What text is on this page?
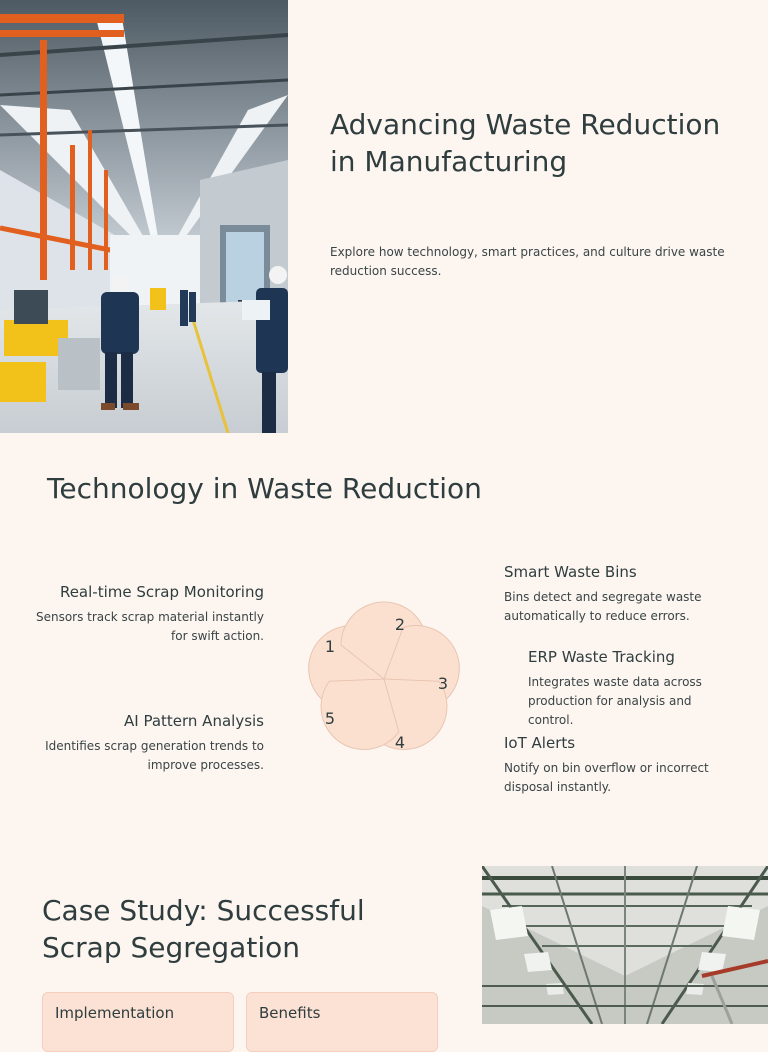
Advancing Waste Reduction in Manufacturing

Explore how technology, smart practices, and culture drive waste reduction success.

Technology in Waste Reduction
1
2
3
4
5
Real-time Scrap Monitoring
Sensors track scrap material instantly for swift action.
Smart Waste Bins
Bins detect and segregate waste automatically to reduce errors.
ERP Waste Tracking
Integrates waste data across production for analysis and control.
IoT Alerts
Notify on bin overflow or incorrect disposal instantly.
AI Pattern Analysis
Identifies scrap generation trends to improve processes.
Case Study: Successful Scrap Segregation
Implementation	Benefits
